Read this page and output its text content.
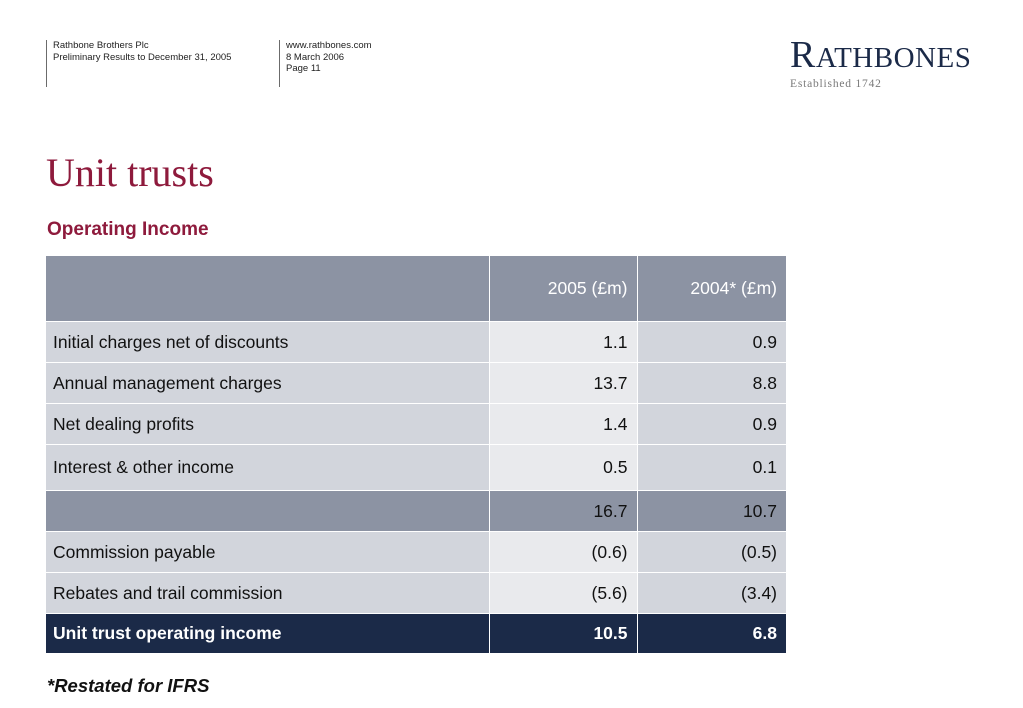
Rathbone Brothers Plc
Preliminary Results to December 31, 2005
www.rathbones.com
8 March 2006
Page 11	RATHBONES
Established 1742
Unit trusts
Operating Income
	2005 (£m)	2004* (£m)
Initial charges net of discounts	1.1	0.9
Annual management charges	13.7	8.8
Net dealing profits	1.4	0.9
Interest & other income	0.5	0.1
	16.7	10.7
Commission payable	(0.6)	(0.5)
Rebates and trail commission	(5.6)	(3.4)
Unit trust operating income	10.5	6.8

*Restated for IFRS
